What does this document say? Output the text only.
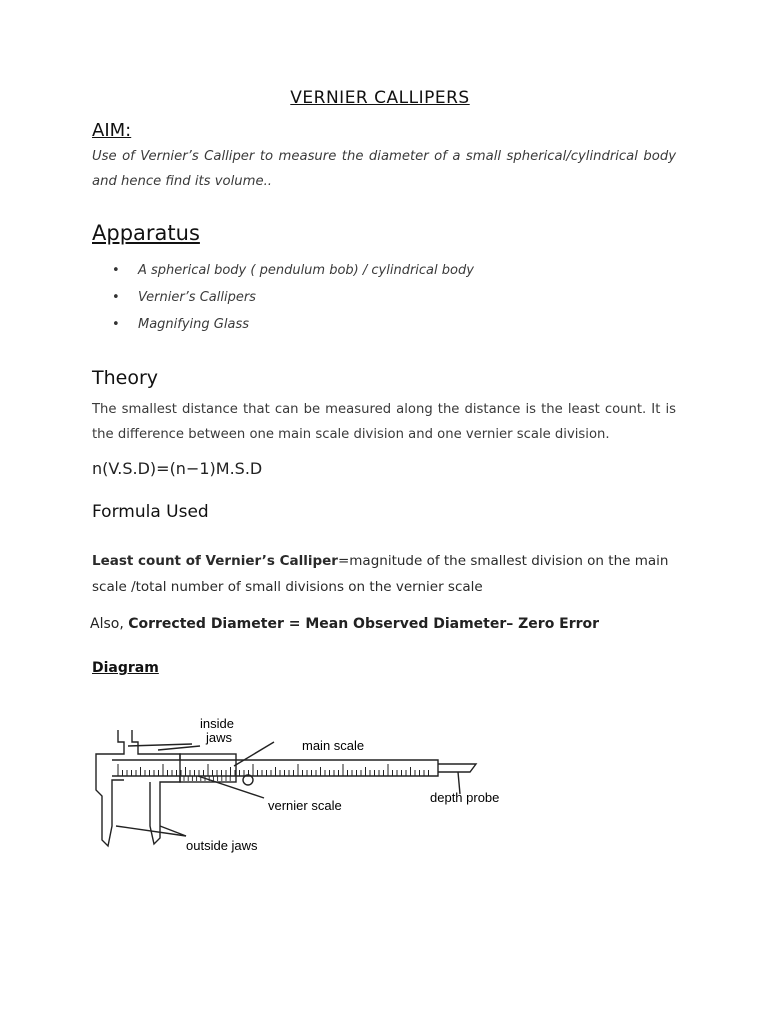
VERNIER CALLIPERS
AIM:
Use of Vernier’s Calliper to measure the diameter of a small spherical/cylindrical body and hence find its volume..
Apparatus
• A spherical body ( pendulum bob) / cylindrical body
• Vernier’s Callipers
• Magnifying Glass
Theory
The smallest distance that can be measured along the distance is the least count. It is the difference between one main scale division and one vernier scale division.
n(V.S.D)=(n−1)M.S.D
Formula Used
Least count of Vernier’s Calliper=magnitude of the smallest division on the main scale /total number of small divisions on the vernier scale
Also, Corrected Diameter = Mean Observed Diameter– Zero Error
Diagram
inside
jaws
main scale
depth probe
vernier scale
outside jaws
